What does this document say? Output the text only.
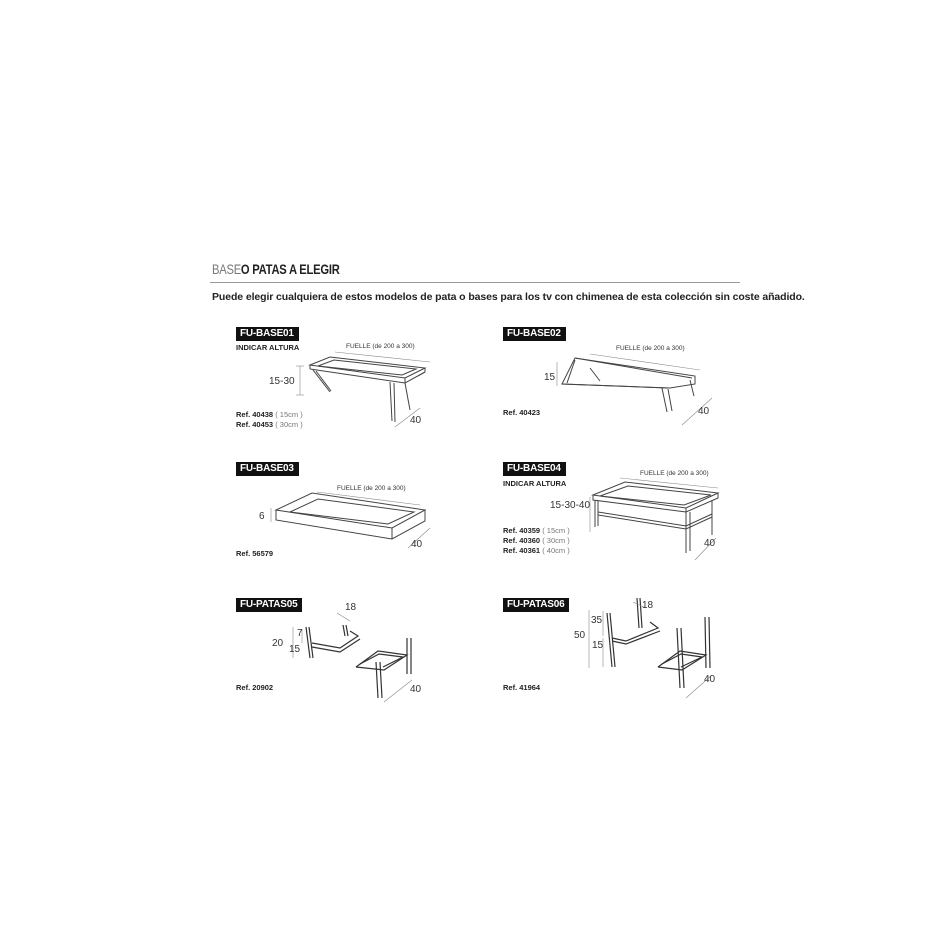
BASEO PATAS A ELEGIR
Puede elegir cualquiera de estos modelos de pata o bases para los tv con chimenea de esta colección sin coste añadido.
FU-BASE01
INDICAR ALTURA	FUELLE (de 200 a 300)
15-30
40
Ref. 40438 ( 15cm )
Ref. 40453 ( 30cm )
FU-BASE02
FUELLE (de 200 a 300)
15
40
Ref. 40423
FU-BASE03
FUELLE (de 200 a 300)
6
40
Ref. 56579
FU-BASE04
INDICAR ALTURA
FUELLE (de 200 a 300)
15-30-40
40
Ref. 40359 ( 15cm )
Ref. 40360 ( 30cm )
Ref. 40361 ( 40cm )
FU-PATAS05	18
7
20
15
40
Ref. 20902
FU-PATAS06	18
35
50
15
40
Ref. 41964
